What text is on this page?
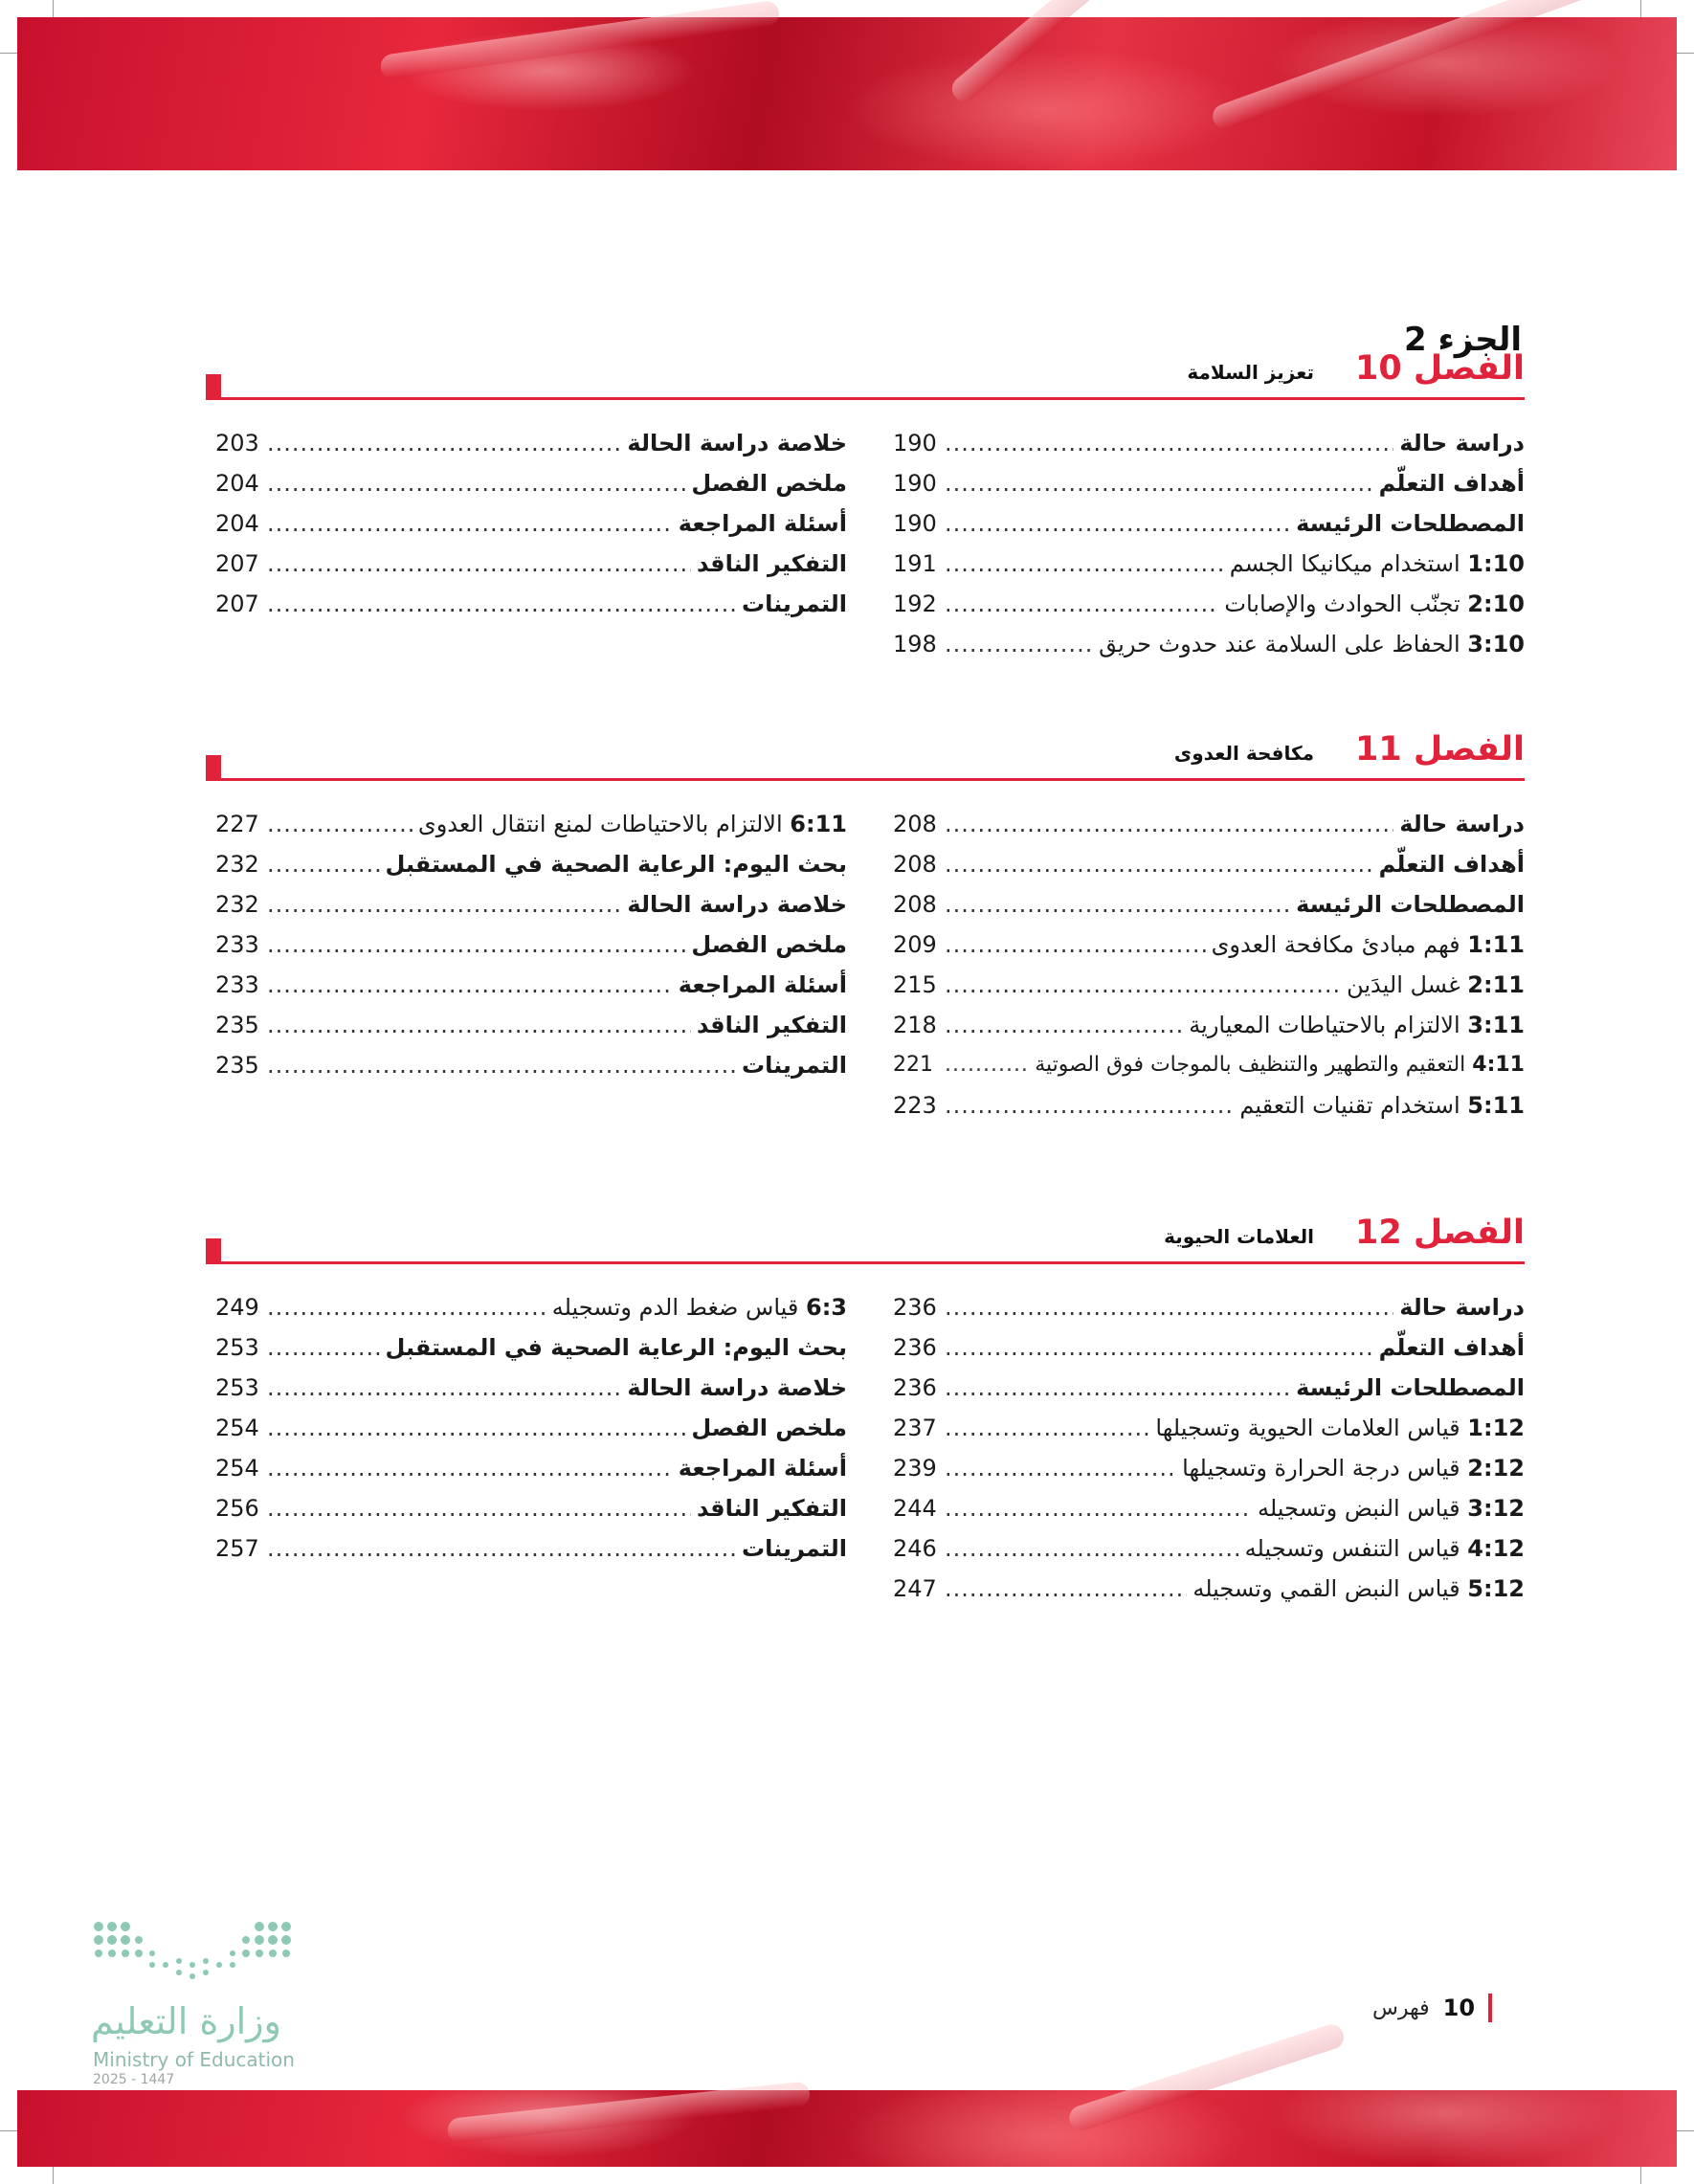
الجزء 2
الفصل 10
تعزيز السلامة
دراسة حالة
.....
190
أهداف التعلّم
.....
190
المصطلحات الرئيسة
.....
190
1:10 استخدام ميكانيكا الجسم
.....
191
2:10 تجنّب الحوادث والإصابات
.....
192
3:10 الحفاظ على السلامة عند حدوث حريق
.....
198
خلاصة دراسة الحالة
.....
203
ملخص الفصل
.....
204
أسئلة المراجعة
.....
204
التفكير الناقد
.....
207
التمرينات
.....
207
الفصل 11
مكافحة العدوى
دراسة حالة
.....
208
أهداف التعلّم
.....
208
المصطلحات الرئيسة
.....
208
1:11 فهم مبادئ مكافحة العدوى
.....
209
2:11 غسل اليدَين
.....
215
3:11 الالتزام بالاحتياطات المعيارية
.....
218
4:11 التعقيم والتطهير والتنظيف بالموجات فوق الصوتية
.....
221
5:11 استخدام تقنيات التعقيم
.....
223
6:11 الالتزام بالاحتياطات لمنع انتقال العدوى
.....
227
بحث اليوم: الرعاية الصحية في المستقبل
.....
232
خلاصة دراسة الحالة
.....
232
ملخص الفصل
.....
233
أسئلة المراجعة
.....
233
التفكير الناقد
.....
235
التمرينات
.....
235
الفصل 12
العلامات الحيوية
دراسة حالة
.....
236
أهداف التعلّم
.....
236
المصطلحات الرئيسة
.....
236
1:12 قياس العلامات الحيوية وتسجيلها
.....
237
2:12 قياس درجة الحرارة وتسجيلها
.....
239
3:12 قياس النبض وتسجيله
.....
244
4:12 قياس التنفس وتسجيله
.....
246
5:12 قياس النبض القمي وتسجيله
.....
247
6:3 قياس ضغط الدم وتسجيله
.....
249
بحث اليوم: الرعاية الصحية في المستقبل
.....
253
خلاصة دراسة الحالة
.....
253
ملخص الفصل
.....
254
أسئلة المراجعة
.....
254
التفكير الناقد
.....
256
التمرينات
.....
257
10
فهرس
وزارة التعليم
Ministry of Education
2025 - 1447
